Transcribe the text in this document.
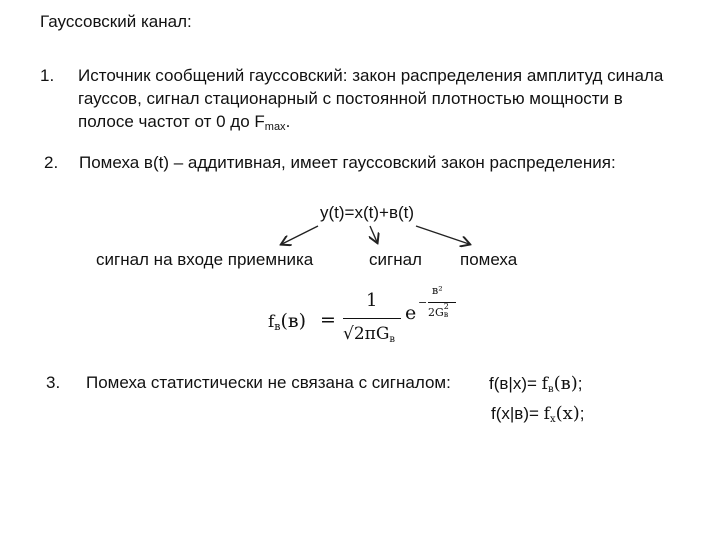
Гауссовский канал:
1. Источник сообщений гауссовский: закон распределения амплитуд синала
гауссов, сигнал стационарный с постоянной плотностью мощности в
полосе частот от 0 до $F_{max}$.
2. Помеха в(t) – аддитивная, имеет гауссовский закон распределения:
y(t)=x(t)+в(t)
сигнал на входе приемника	сигнал помеха
fв(в) =
1
√2πGв
e −
в²
2G 2
в
3. Помеха статистически не связана с сигналом: f(в|x)= fв(в);
f(x|в)= fx(x);
